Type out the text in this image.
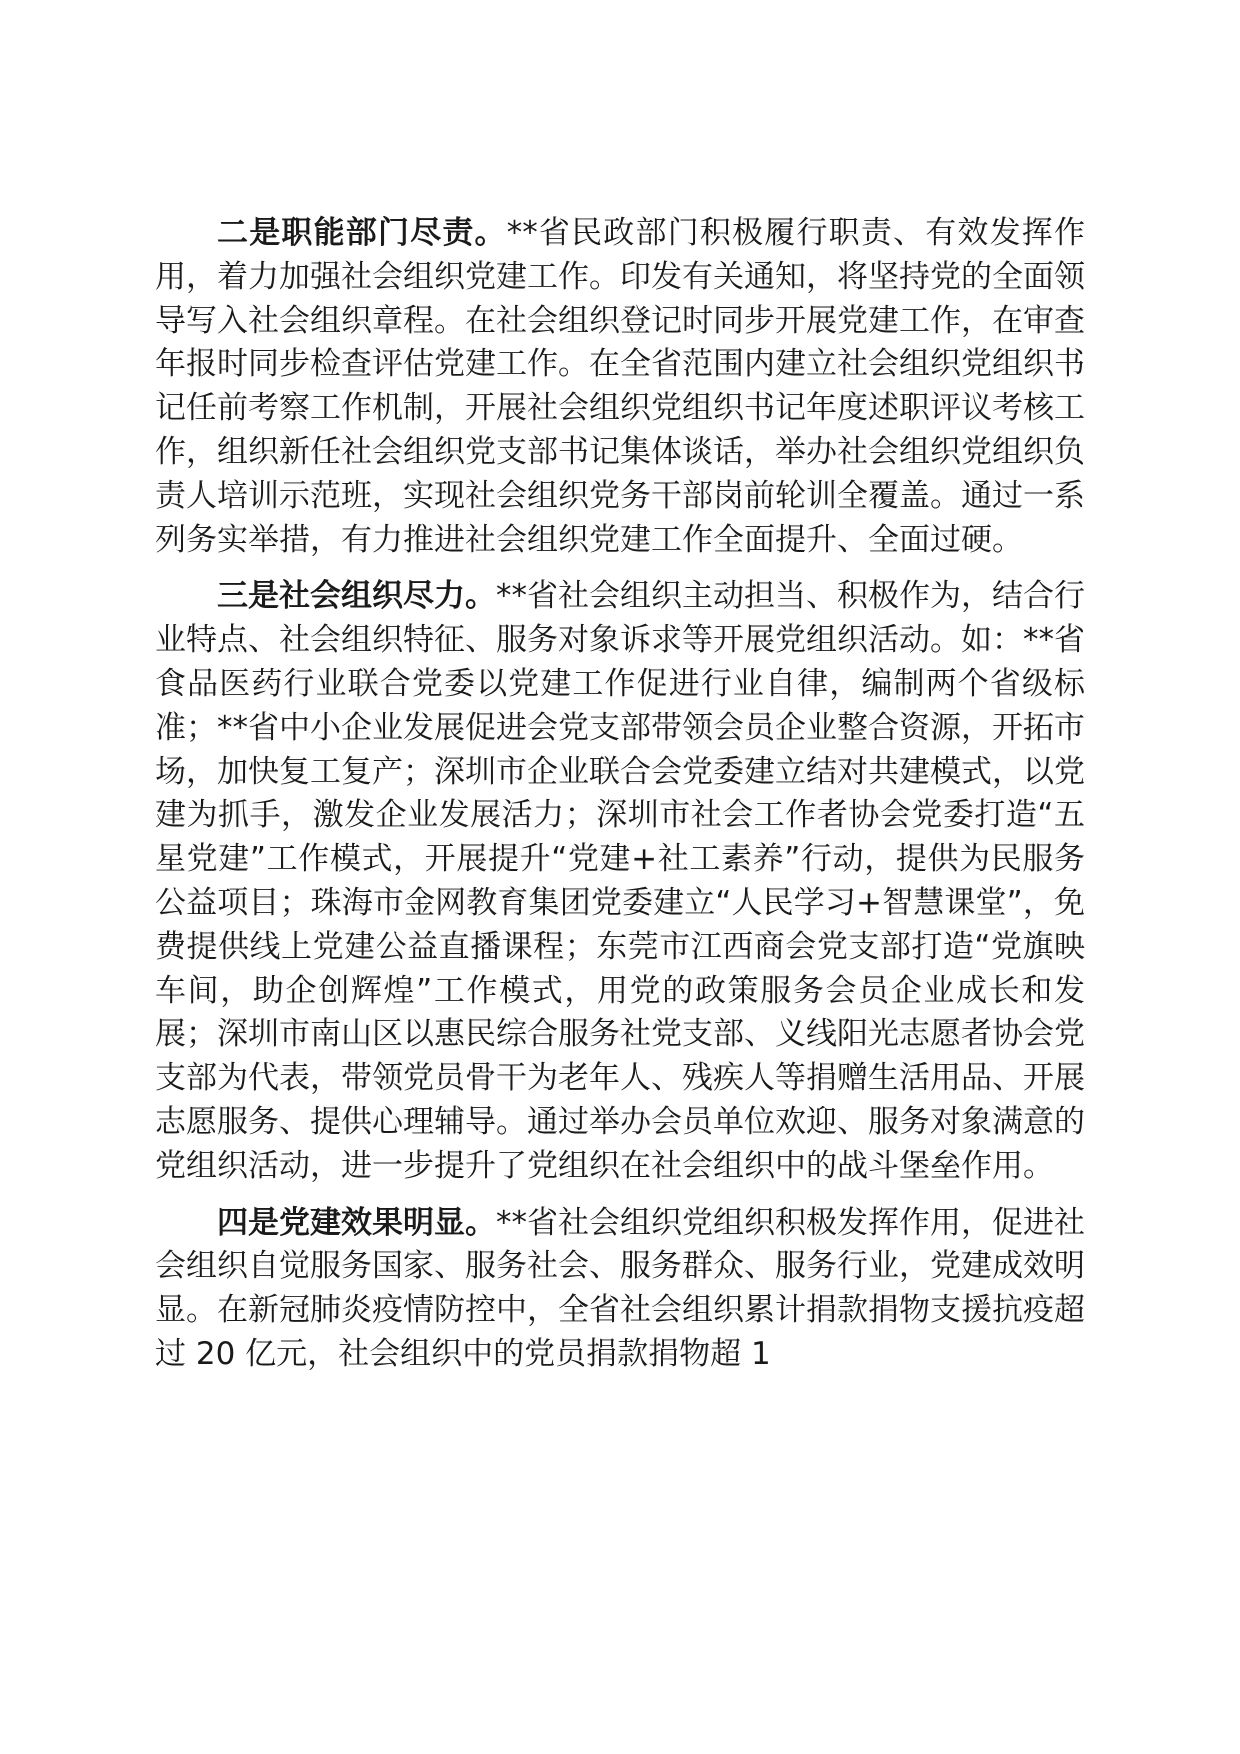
二是职能部门尽责。**省民政部门积极履行职责、有效发挥作用，着力加强社会组织党建工作。印发有关通知，将坚持党的全面领导写入社会组织章程。在社会组织登记时同步开展党建工作，在审查年报时同步检查评估党建工作。在全省范围内建立社会组织党组织书记任前考察工作机制，开展社会组织党组织书记年度述职评议考核工作，组织新任社会组织党支部书记集体谈话，举办社会组织党组织负责人培训示范班，实现社会组织党务干部岗前轮训全覆盖。通过一系列务实举措，有力推进社会组织党建工作全面提升、全面过硬。

三是社会组织尽力。**省社会组织主动担当、积极作为，结合行业特点、社会组织特征、服务对象诉求等开展党组织活动。如：**省食品医药行业联合党委以党建工作促进行业自律，编制两个省级标准；**省中小企业发展促进会党支部带领会员企业整合资源，开拓市场，加快复工复产；深圳市企业联合会党委建立结对共建模式，以党建为抓手，激发企业发展活力；深圳市社会工作者协会党委打造“五星党建”工作模式，开展提升“党建+社工素养”行动，提供为民服务公益项目；珠海市金网教育集团党委建立“人民学习+智慧课堂”，免费提供线上党建公益直播课程；东莞市江西商会党支部打造“党旗映车间，助企创辉煌”工作模式，用党的政策服务会员企业成长和发展；深圳市南山区以惠民综合服务社党支部、义线阳光志愿者协会党支部为代表，带领党员骨干为老年人、残疾人等捐赠生活用品、开展志愿服务、提供心理辅导。通过举办会员单位欢迎、服务对象满意的党组织活动，进一步提升了党组织在社会组织中的战斗堡垒作用。

四是党建效果明显。**省社会组织党组织积极发挥作用，促进社会组织自觉服务国家、服务社会、服务群众、服务行业，党建成效明显。在新冠肺炎疫情防控中，全省社会组织累计捐款捐物支援抗疫超过 20 亿元，社会组织中的党员捐款捐物超 1
